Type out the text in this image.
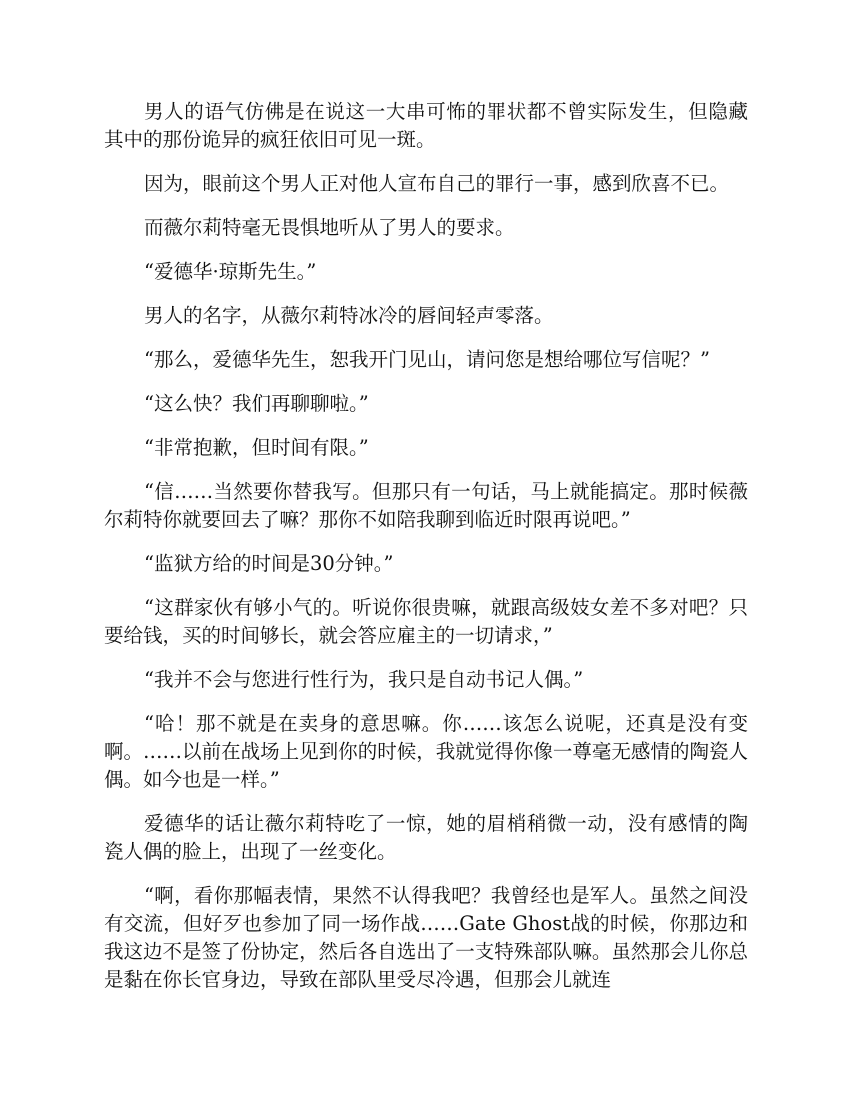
男人的语气仿佛是在说这一大串可怖的罪状都不曾实际发生，但隐藏其中的那份诡异的疯狂依旧可见一斑。

因为，眼前这个男人正对他人宣布自己的罪行一事，感到欣喜不已。

而薇尔莉特毫无畏惧地听从了男人的要求。

“爱德华·琼斯先生。”

男人的名字，从薇尔莉特冰冷的唇间轻声零落。

“那么，爱德华先生，恕我开门见山，请问您是想给哪位写信呢？”

“这么快？我们再聊聊啦。”

“非常抱歉，但时间有限。”

“信……当然要你替我写。但那只有一句话，马上就能搞定。那时候薇尔莉特你就要回去了嘛？那你不如陪我聊到临近时限再说吧。”

“监狱方给的时间是30分钟。”

“这群家伙有够小气的。听说你很贵嘛，就跟高级妓女差不多对吧？只要给钱，买的时间够长，就会答应雇主的一切请求，”

“我并不会与您进行性行为，我只是自动书记人偶。”

“哈！那不就是在卖身的意思嘛。你……该怎么说呢，还真是没有变啊。……以前在战场上见到你的时候，我就觉得你像一尊毫无感情的陶瓷人偶。如今也是一样。”

爱德华的话让薇尔莉特吃了一惊，她的眉梢稍微一动，没有感情的陶瓷人偶的脸上，出现了一丝变化。

“啊，看你那幅表情，果然不认得我吧？我曾经也是军人。虽然之间没有交流，但好歹也参加了同一场作战……Gate Ghost战的时候，你那边和我这边不是签了份协定，然后各自选出了一支特殊部队嘛。虽然那会儿你总是黏在你长官身边，导致在部队里受尽冷遇，但那会儿就连
